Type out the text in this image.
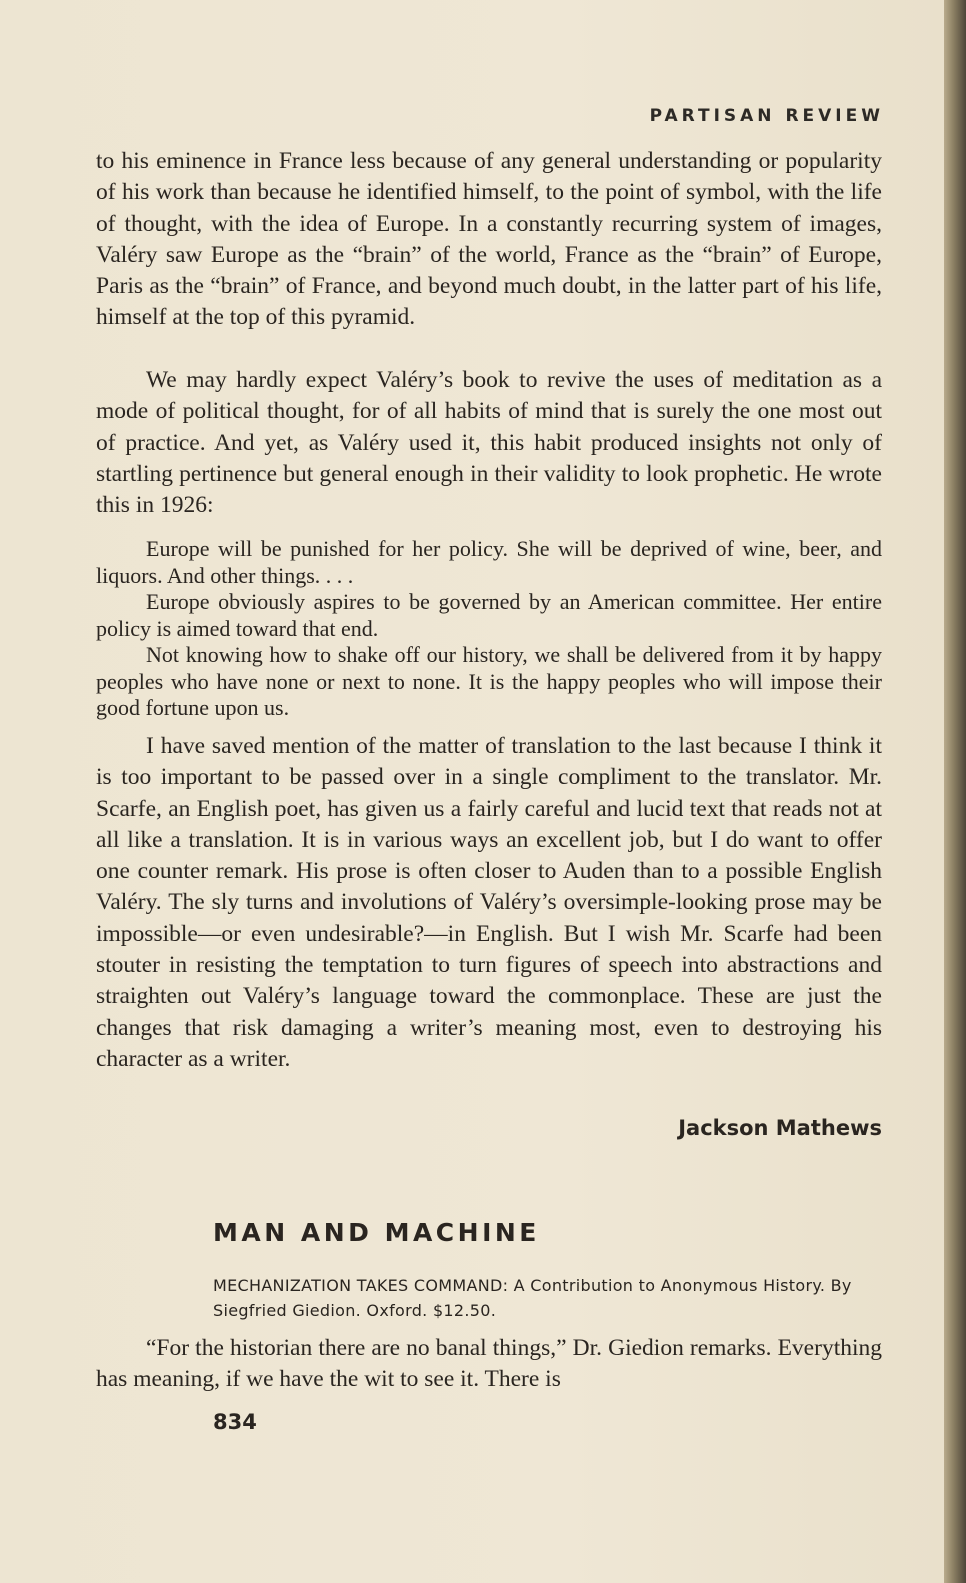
PARTISAN REVIEW

to his eminence in France less because of any general understanding or popularity of his work than because he identified himself, to the point of symbol, with the life of thought, with the idea of Europe. In a constantly recurring system of images, Valéry saw Europe as the “brain” of the world, France as the “brain” of Europe, Paris as the “brain” of France, and beyond much doubt, in the latter part of his life, himself at the top of this pyramid.

We may hardly expect Valéry’s book to revive the uses of meditation as a mode of political thought, for of all habits of mind that is surely the one most out of practice. And yet, as Valéry used it, this habit produced insights not only of startling pertinence but general enough in their validity to look prophetic. He wrote this in 1926:

Europe will be punished for her policy. She will be deprived of wine, beer, and liquors. And other things. . . .

Europe obviously aspires to be governed by an American committee. Her entire policy is aimed toward that end.

Not knowing how to shake off our history, we shall be delivered from it by happy peoples who have none or next to none. It is the happy peoples who will impose their good fortune upon us.

I have saved mention of the matter of translation to the last because I think it is too important to be passed over in a single compliment to the translator. Mr. Scarfe, an English poet, has given us a fairly careful and lucid text that reads not at all like a translation. It is in various ways an excellent job, but I do want to offer one counter remark. His prose is often closer to Auden than to a possible English Valéry. The sly turns and involutions of Valéry’s oversimple-looking prose may be impossible—or even undesirable?—in English. But I wish Mr. Scarfe had been stouter in resisting the temptation to turn figures of speech into abstractions and straighten out Valéry’s language toward the commonplace. These are just the changes that risk damaging a writer’s meaning most, even to destroying his character as a writer.

Jackson Mathews
MAN AND MACHINE
MECHANIZATION TAKES COMMAND: A Contribution to Anonymous History. By Siegfried Giedion. Oxford. $12.50.

“For the historian there are no banal things,” Dr. Giedion remarks. Everything has meaning, if we have the wit to see it. There is

834
